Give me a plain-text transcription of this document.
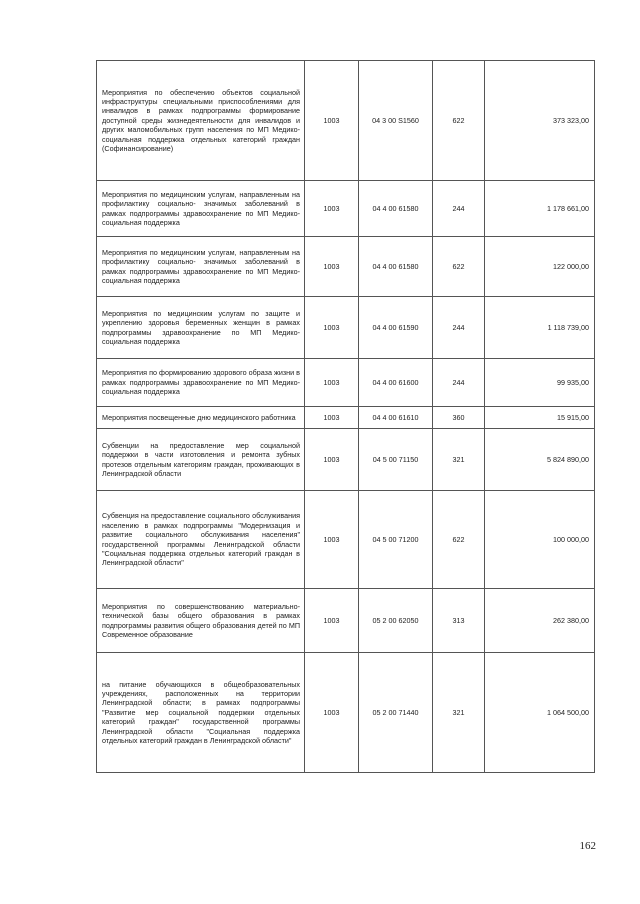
Мероприятия по обеспечению объектов социальной инфраструктуры специальными приспособлениями для инвалидов в рамках подпрограммы формирование доступной среды жизнедеятельности для инвалидов и других маломобильных групп населения по МП Медико-социальная поддержка отдельных категорий граждан (Софинансирование)	1003	04 3 00 S1560	622	373 323,00
Мероприятия по медицинским услугам, направленным на профилактику социально- значимых заболеваний в рамках подпрограммы здравоохранение по МП Медико-социальная поддержка	1003	04 4 00 61580	244	1 178 661,00
Мероприятия по медицинским услугам, направленным на профилактику социально- значимых заболеваний в рамках подпрограммы здравоохранение по МП Медико-социальная поддержка	1003	04 4 00 61580	622	122 000,00
Мероприятия по медицинским услугам по защите и укреплению здоровья беременных женщин в рамках подпрограммы здравоохранение по МП Медико-социальная поддержка	1003	04 4 00 61590	244	1 118 739,00
Мероприятия по формированию здорового образа жизни в рамках подпрограммы здравоохранение по МП Медико-социальная поддержка	1003	04 4 00 61600	244	99 935,00
Мероприятия посвещенные дню медицинского работника	1003	04 4 00 61610	360	15 915,00
Субвенции на предоставление мер социальной поддержки в части изготовления и ремонта зубных протезов отдельным категориям граждан, проживающих в Ленинградской области	1003	04 5 00 71150	321	5 824 890,00
Субвенция на предоставление социального обслуживания населению в рамках подпрограммы "Модернизация и развитие социального обслуживания населения" государственной программы Ленинградской области "Социальная поддержка отдельных категорий граждан в Ленинградской области"	1003	04 5 00 71200	622	100 000,00
Мероприятия по совершенствованию материально-технической базы общего образования в рамках подпрограммы развития общего образования детей по МП Современное образование	1003	05 2 00 62050	313	262 380,00
на питание обучающихся в общеобразовательных учреждениях, расположенных на территории Ленинградской области; в рамках подпрограммы "Развитие мер социальной поддержки отдельных категорий граждан" государственной программы Ленинградской области "Социальная поддержка отдельных категорий граждан в Ленинградской области"	1003	05 2 00 71440	321	1 064 500,00
162
